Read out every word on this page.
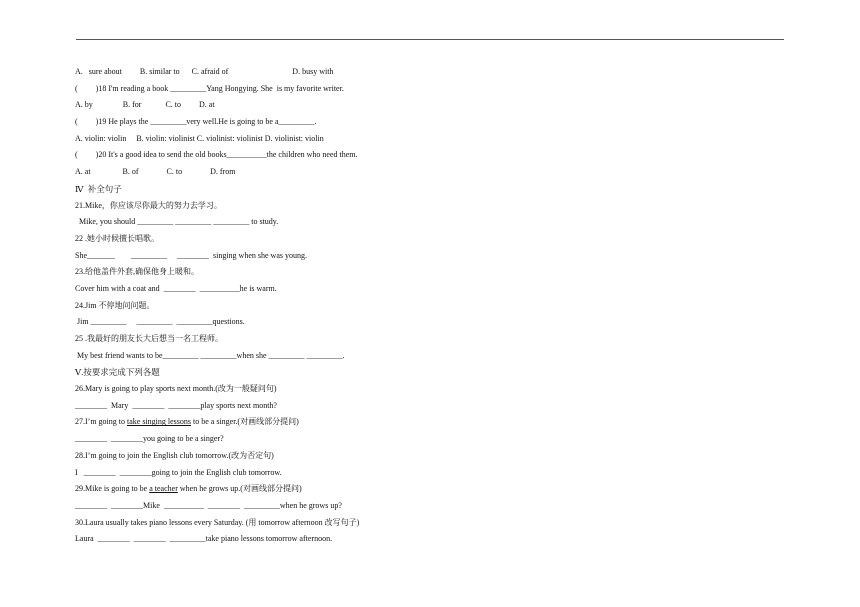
A.   sure about         B. similar to      C. afraid of                                D. busy with
(         )18 I'm reading a book _________Yang Hongying. She  is my favorite writer.
A. by               B. for            C. to         D. at
(         )19 He plays the _________very well.He is going to be a_________.
A. violin: violin     B. violin: violinist C. violinist: violinist D. violinist: violin
(         )20 It's a good idea to send the old books__________the children who need them.
A. at                B. of              C. to              D. from
Ⅳ  补全句子
21.Mike，你应该尽你最大的努力去学习。
Mike, you should _________ _________ _________ to study.
22 .她小时候擅长唱歌。
She_______        _________     ________  singing when she was young.
23.给他盖件外套,确保他身上暖和。
Cover him with a coat and  ________  __________he is warm.
24.Jim 不停地问问题。
Jim _________     _________  _________questions.
25 .我最好的朋友长大后想当一名工程师。
My best friend wants to be_________ _________when she _________ _________.
Ⅴ.按要求完成下列各题
26.Mary is going to play sports next month.(改为一般疑问句)
________  Mary  ________  ________play sports next month?
27.I’m going to take singing lessons to be a singer.(对画线部分提问)
________  ________you going to be a singer?
28.I’m going to join the English club tomorrow.(改为否定句)
I   ________  ________going to join the English club tomorrow.
29.Mike is going to be a teacher when he grows up.(对画线部分提问)
________  ________Mike  __________  ________  _________when he grows up?
30.Laura usually takes piano lessons every Saturday. (用 tomorrow afternoon 改写句子)
Laura  ________  ________  _________take piano lessons tomorrow afternoon.
